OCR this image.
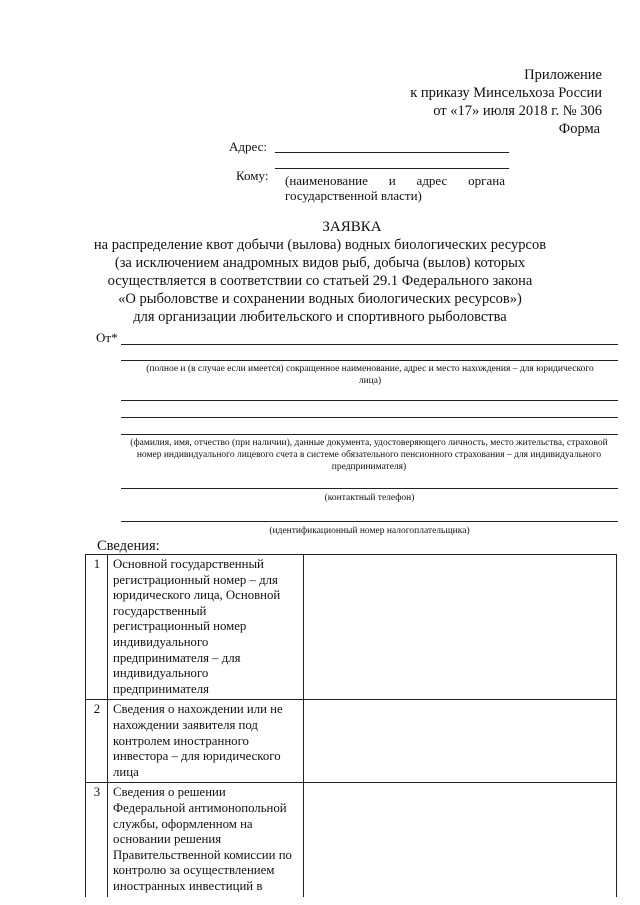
Приложение
к приказу Минсельхоза России
от «17» июля 2018 г. № 306
Форма
Адрес:
Кому: (наименование и адрес органа
государственной власти)
ЗАЯВКА
на распределение квот добычи (вылова) водных биологических ресурсов
(за исключением анадромных видов рыб, добыча (вылов) которых
осуществляется в соответствии со статьей 29.1 Федерального закона
«О рыболовстве и сохранении водных биологических ресурсов»)
для организации любительского и спортивного рыболовства
От*
(полное и (в случае если имеется) сокращенное наименование, адрес и место нахождения – для юридического лица)
(фамилия, имя, отчество (при наличии), данные документа, удостоверяющего личность, место жительства, страховой номер индивидуального лицевого счета в системе обязательного пенсионного страхования – для индивидуального предпринимателя)
(контактный телефон)
(идентификационный номер налогоплательщика)
Сведения:
1	Основной государственный регистрационный номер – для юридического лица, Основной государственный регистрационный номер индивидуального предпринимателя – для индивидуального предпринимателя	
2	Сведения о нахождении или не нахождении заявителя под контролем иностранного инвестора – для юридического лица	
3	Сведения о решении Федеральной антимонопольной службы, оформленном на основании решения Правительственной комиссии по контролю за осуществлением иностранных инвестиций в	
